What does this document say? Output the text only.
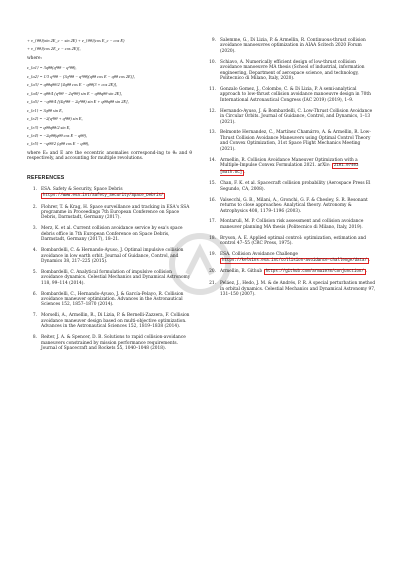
+ v_{θθ}(σin 2E_c − sin 2E) + e_{θθ}(cos E_c − cos E)
+ v_{θθ}(cos 2E_c − cos 2E)],
where:
ε_{a1} = 3qθθ(q²θθ − q²θθ),
ε_{a2} = 1/3 q³θθ − (3q²θθ − q²θθ)(qθθ cos E − qθθ cos 2E)],
ε_{a3} = qθθqθθ/2 [4qθθ cos E − qθθ(3 + cos 2E)],
ε_{a4} = qθθ/4 (q²θθ − 2q²θθ) sin E − qθθqθθ sin 2E],
ε_{a5} = −qθθ/4 [(4q²θθ − 2q²θθ) sin E + qθθqθθ sin 2E],
ε_{e1} = 3qθθ sin E,
ε_{e2} = −2(q²θθ + q²θθ) sin E,
ε_{e3} = qθθqθθ/2 sin E,
ε_{e4} = −2qθθ(qθθ cos E − qθθ),
ε_{e5} = −qθθ/2 (qθθ cos E − qθθ),
where E₀ and E are the eccentric anomalies correspond-ing to θ₀ and θ respectively, and accounting for multiple revolutions.
REFERENCES
1. ESA. Safety & Security, Space Debris https://www.esa.int/Safety_Security/Space_Debris/
2. Flohrer, T. & Krag, H. Space surveillance and tracking in ESA's SSA programme in Proceedings 7th European Conference on Space Debris, Darmstadt, Germany (2017).
3. Merz, K. et al. Current collision avoidance service by esa's space debris office in 7th European Conference on Space Debris, Darmstadt, Germany (2017), 18–21.
4. Bombardelli, C. & Hernando-Ayuso, J. Optimal impulsive collision avoidance in low earth orbit. Journal of Guidance, Control, and Dynamics 38, 217–225 (2015).
5. Bombardelli, C. Analytical formulation of impulsive collision avoidance dynamics. Celestial Mechanics and Dynamical Astronomy 118, 99–114 (2014).
6. Bombardelli, C., Hernando-Ayuso, J. & García-Pelayo, R. Collision avoidance maneuver optimization. Advances in the Astronautical Sciences 152, 1857–1870 (2014).
7. Morselli, A., Armellin, R., Di Lizia, P. & Bernelli-Zazzera, F. Collision avoidance maneuver design based on multi-objective optimization. Advances in the Astronautical Sciences 152, 1819–1838 (2014).
8. Reiter, J. A. & Spencer, D. B. Solutions to rapid collision-avoidance maneuvers constrained by mission performance requirements. Journal of Spacecraft and Rockets 55, 1040–1048 (2018).
9. Salemme, G., Di Lizia, P. & Armellin, R. Continuous-thrust collision avoidance manoeuvres optimization in AIAA Scitech 2020 Forum (2020).
10. Schiavo, A. Numerically efficient design of low-thrust collision avoidance manoeuvre MA thesis (School of industrial, information engineering, Department of aerospace science, and technology, Politecnico di Milano, Italy, 2020).
11. Gonzalo Gomez, J., Colombo, C. & Di Lizia, P. A semi-analytical approach to low-thrust collision avoidance manoeuvre design in 70th International Astronautical Congress (IAC 2019) (2019), 1–9.
12. Hernando-Ayuso, J. & Bombardelli, C. Low-Thrust Collision Avoidance in Circular Orbits. Journal of Guidance, Control, and Dynamics, 1–13 (2021).
13. Belmonte Hernandez, C., Martínez Chamárro, A. & Armellin, R. Low-Thrust Collision Avoidance Maneuvers using Optimal Control Theory and Convex Optimization, 31st Space Flight Mechanics Meeting (2021).
14. Armellin, R. Collision Avoidance Maneuver Optimization with a Multiple-Impulse Convex Formulation 2021. arXiv: 2101.07403 [math.OC] .
15. Chan, F. K. et al. Spacecraft collision probability (Aerospace Press El Segundo, CA, 2008).
16. Valsecchi, G. B., Milani, A., Gronchi, G. F. & Chesley, S. R. Resonant returns to close approaches: Analytical theory. Astronomy & Astrophysics 408, 1179–1196 (2003).
17. Montaruli, M. P. Collision risk assessment and collision avoidance maneuver planning MA thesis (Politecnico di Milano, Italy, 2019).
18. Bryson, A. E. Applied optimal control: optimization, estimation and control 47–55 (CRC Press, 1975).
19. ESA. Collision Avoidance Challenge https://kelvins.esa.int/collision-avoidance-challenge/data/ .
20. Armellin, R. Github https://github.com/arma1978/conjunction/ .
21. Peláez, J., Hedo, J. M. & de Andrés, P. R. A special perturbation method in orbital dynamics. Celestial Mechanics and Dynamical Astronomy 97, 131–150 (2007).
